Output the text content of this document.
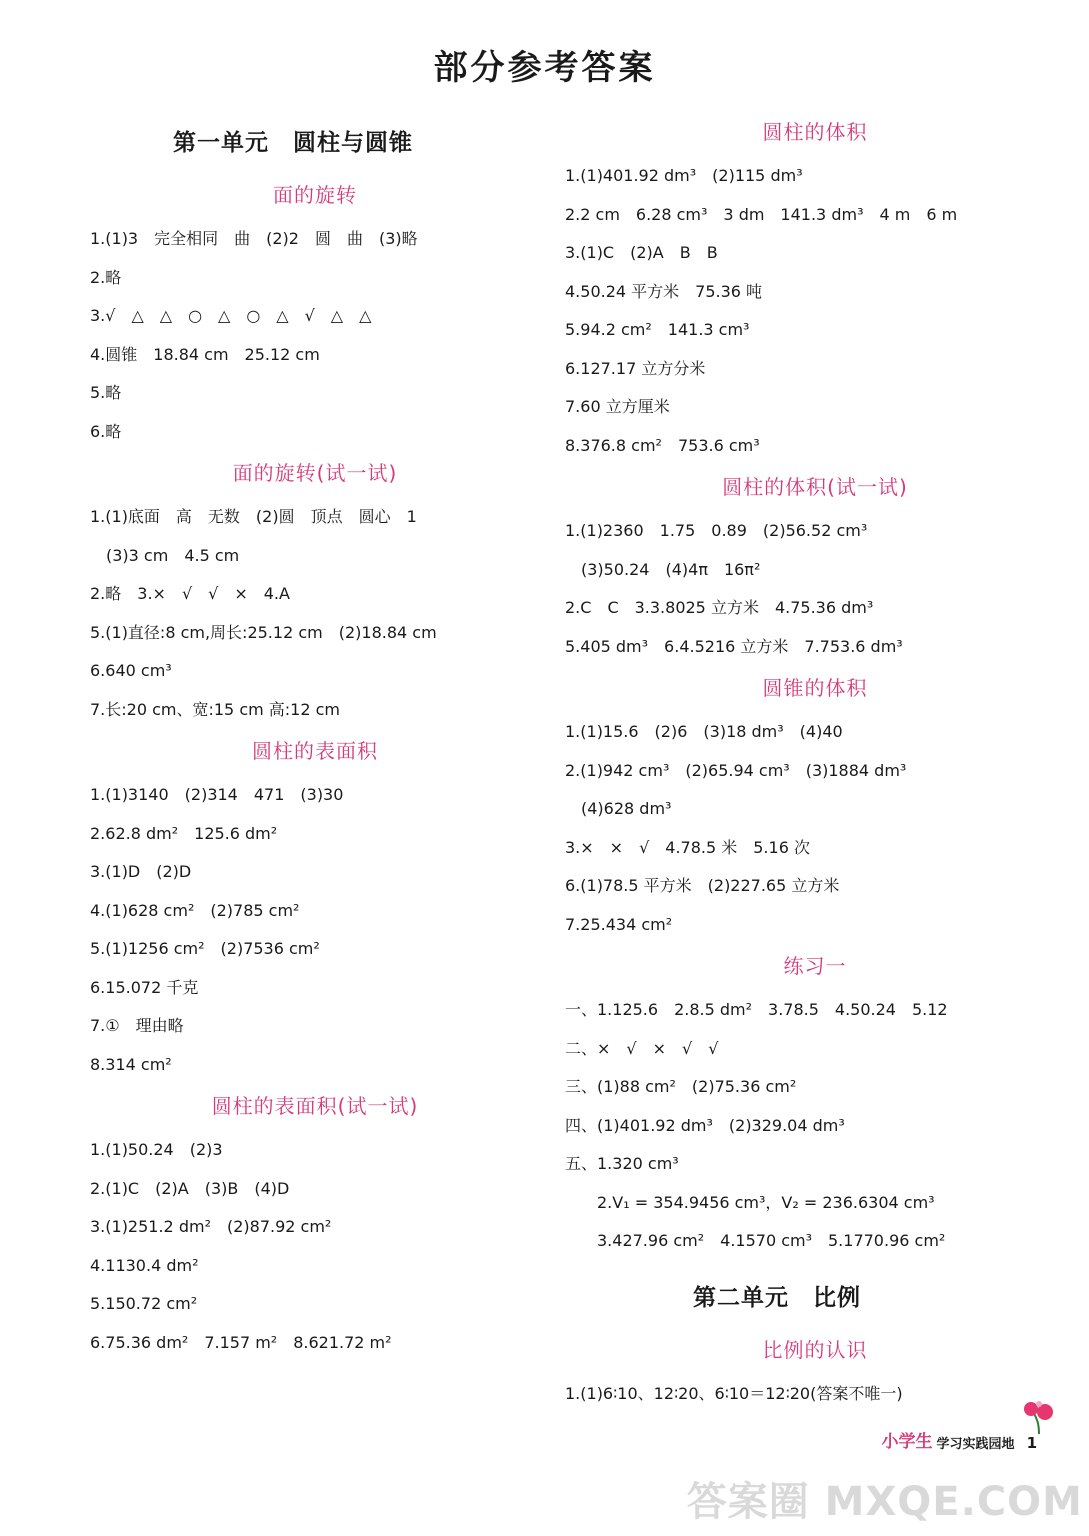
部分参考答案
第一单元　圆柱与圆锥
面的旋转
1.(1)3　完全相同　曲　(2)2　圆　曲　(3)略
2.略
3.√　△　△　○　△　○　△　√　△　△
4.圆锥　18.84 cm　25.12 cm
5.略
6.略
面的旋转(试一试)
1.(1)底面　高　无数　(2)圆　顶点　圆心　1
(3)3 cm　4.5 cm
2.略　3.×　√　√　×　4.A
5.(1)直径:8 cm,周长:25.12 cm　(2)18.84 cm
6.640 cm³
7.长:20 cm、宽:15 cm 高:12 cm
圆柱的表面积
1.(1)3140　(2)314　471　(3)30
2.62.8 dm²　125.6 dm²
3.(1)D　(2)D
4.(1)628 cm²　(2)785 cm²
5.(1)1256 cm²　(2)7536 cm²
6.15.072 千克
7.①　理由略
8.314 cm²
圆柱的表面积(试一试)
1.(1)50.24　(2)3
2.(1)C　(2)A　(3)B　(4)D
3.(1)251.2 dm²　(2)87.92 cm²
4.1130.4 dm²
5.150.72 cm²
6.75.36 dm²　7.157 m²　8.621.72 m²
圆柱的体积
1.(1)401.92 dm³　(2)115 dm³
2.2 cm　6.28 cm³　3 dm　141.3 dm³　4 m　6 m
3.(1)C　(2)A　B　B
4.50.24 平方米　75.36 吨
5.94.2 cm²　141.3 cm³
6.127.17 立方分米
7.60 立方厘米
8.376.8 cm²　753.6 cm³
圆柱的体积(试一试)
1.(1)2360　1.75　0.89　(2)56.52 cm³
(3)50.24　(4)4π　16π²
2.C　C　3.3.8025 立方米　4.75.36 dm³
5.405 dm³　6.4.5216 立方米　7.753.6 dm³
圆锥的体积
1.(1)15.6　(2)6　(3)18 dm³　(4)40
2.(1)942 cm³　(2)65.94 cm³　(3)1884 dm³
(4)628 dm³
3.×　×　√　4.78.5 米　5.16 次
6.(1)78.5 平方米　(2)227.65 立方米
7.25.434 cm²
练习一
一、1.125.6　2.8.5 dm²　3.78.5　4.50.24　5.12
二、×　√　×　√　√
三、(1)88 cm²　(2)75.36 cm²
四、(1)401.92 dm³　(2)329.04 dm³
五、1.320 cm³
2.V₁ = 354.9456 cm³，V₂ = 236.6304 cm³
3.427.96 cm²　4.1570 cm³　5.1770.96 cm²
第二单元　比例
比例的认识
1.(1)6∶10、12∶20、6∶10＝12∶20(答案不唯一)
小学生 学习实践园地 1
答案圈 MXQE.COM
